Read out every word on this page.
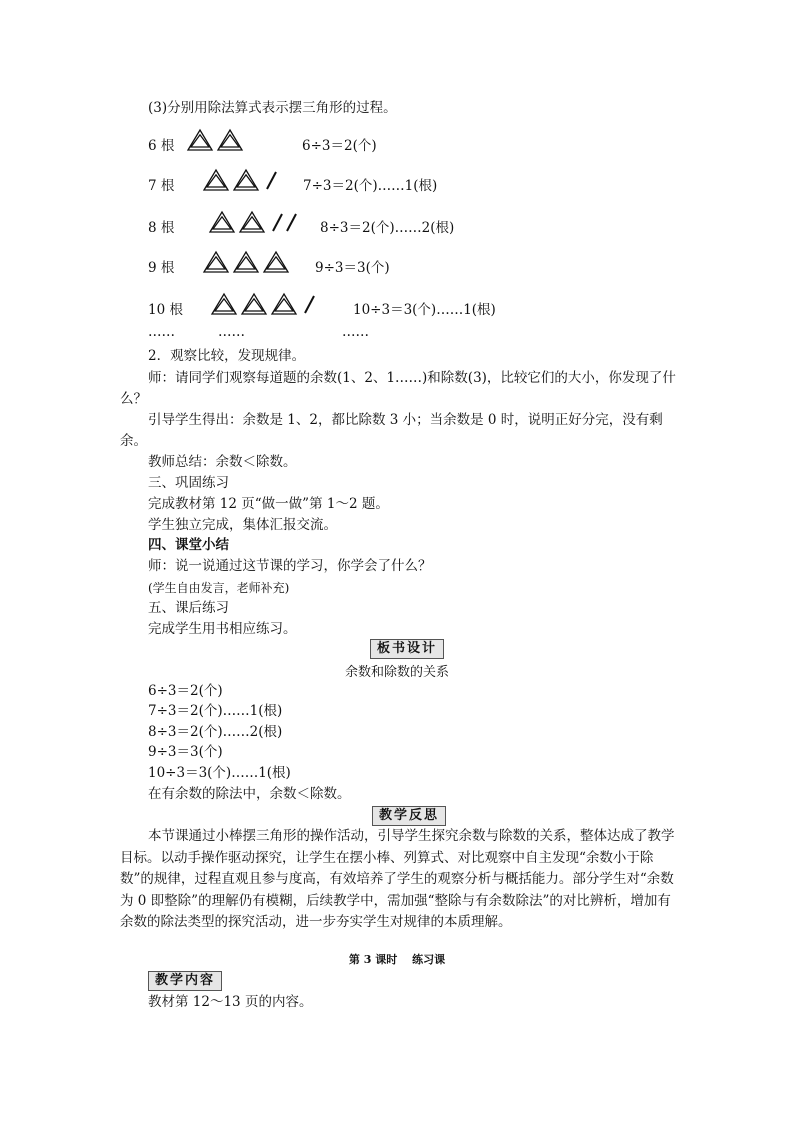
(3)分别用除法算式表示摆三角形的过程。
6 根	6÷3＝2(个)
7 根	7÷3＝2(个)……1(根)
8 根	8÷3＝2(个)……2(根)
9 根	9÷3＝3(个)
10 根	10÷3＝3(个)……1(根)
……	……	……
2．观察比较，发现规律。
师：请同学们观察每道题的余数(1、2、1……)和除数(3)，比较它们的大小，你发现了什么？
引导学生得出：余数是 1、2，都比除数 3 小；当余数是 0 时，说明正好分完，没有剩余。
教师总结：余数＜除数。
三、巩固练习
完成教材第 12 页“做一做”第 1～2 题。
学生独立完成，集体汇报交流。
四、课堂小结
师：说一说通过这节课的学习，你学会了什么？
(学生自由发言，老师补充)
五、课后练习
完成学生用书相应练习。
板书设计
余数和除数的关系
6÷3＝2(个)
7÷3＝2(个)……1(根)
8÷3＝2(个)……2(根)
9÷3＝3(个)
10÷3＝3(个)……1(根)
在有余数的除法中，余数＜除数。
教学反思
本节课通过小棒摆三角形的操作活动，引导学生探究余数与除数的关系，整体达成了教学目标。以动手操作驱动探究，让学生在摆小棒、列算式、对比观察中自主发现“余数小于除数”的规律，过程直观且参与度高，有效培养了学生的观察分析与概括能力。部分学生对“余数为 0 即整除”的理解仍有模糊，后续教学中，需加强“整除与有余数除法”的对比辨析，增加有余数的除法类型的探究活动，进一步夯实学生对规律的本质理解。
第 3 课时　 练习课
教学内容
教材第 12～13 页的内容。
